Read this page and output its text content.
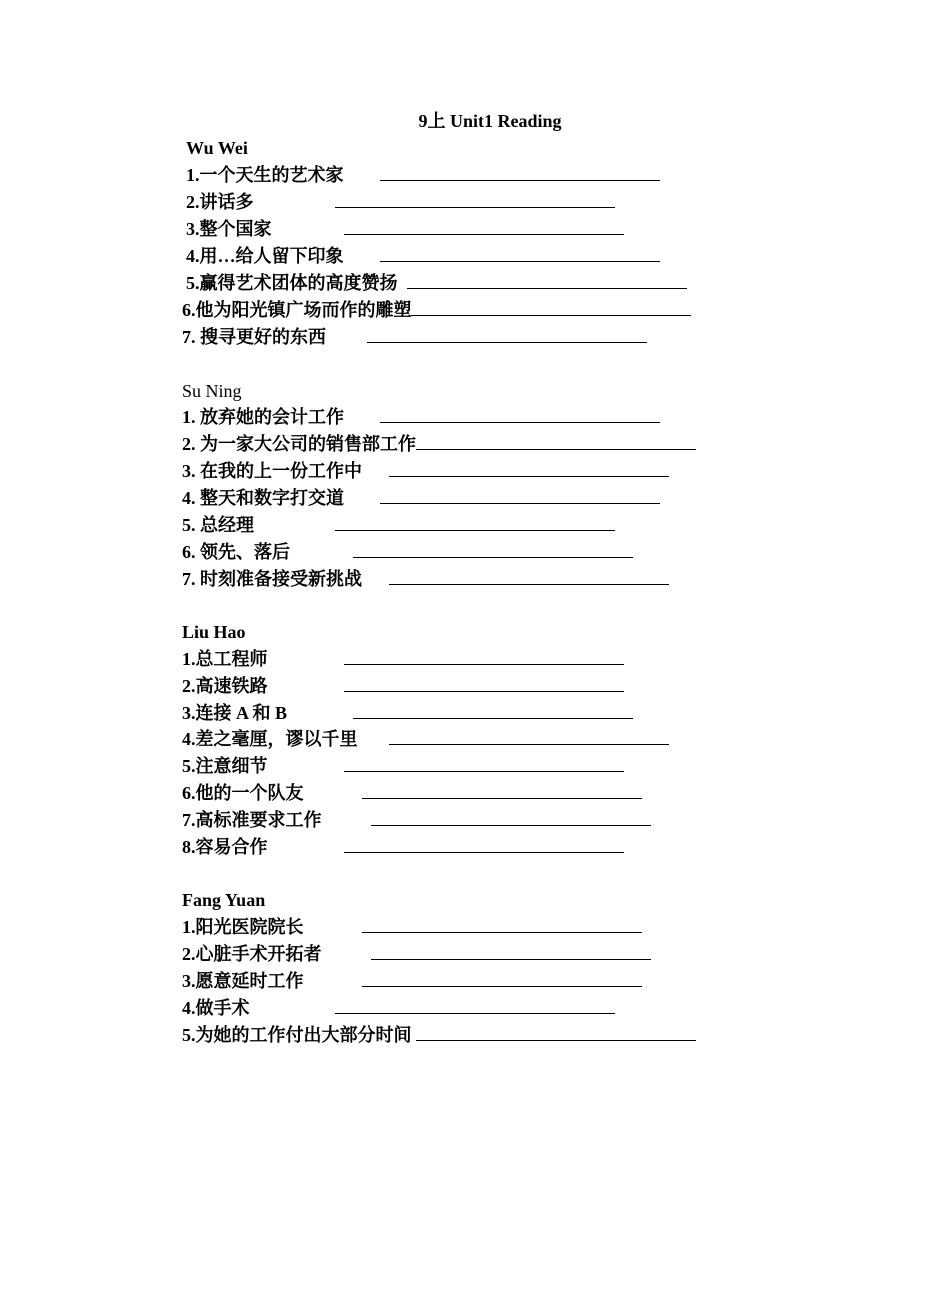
9上 Unit1 Reading
Wu Wei
1.一个天生的艺术家
2.讲话多
3.整个国家
4.用…给人留下印象
5.赢得艺术团体的高度赞扬
6.他为阳光镇广场而作的雕塑
7. 搜寻更好的东西
Su Ning
1. 放弃她的会计工作
2. 为一家大公司的销售部工作
3. 在我的上一份工作中
4. 整天和数字打交道
5. 总经理
6. 领先、落后
7. 时刻准备接受新挑战
Liu Hao
1.总工程师
2.高速铁路
3.连接 A 和 B
4.差之毫厘，谬以千里
5.注意细节
6.他的一个队友
7.高标准要求工作
8.容易合作
Fang Yuan
1.阳光医院院长
2.心脏手术开拓者
3.愿意延时工作
4.做手术
5.为她的工作付出大部分时间
